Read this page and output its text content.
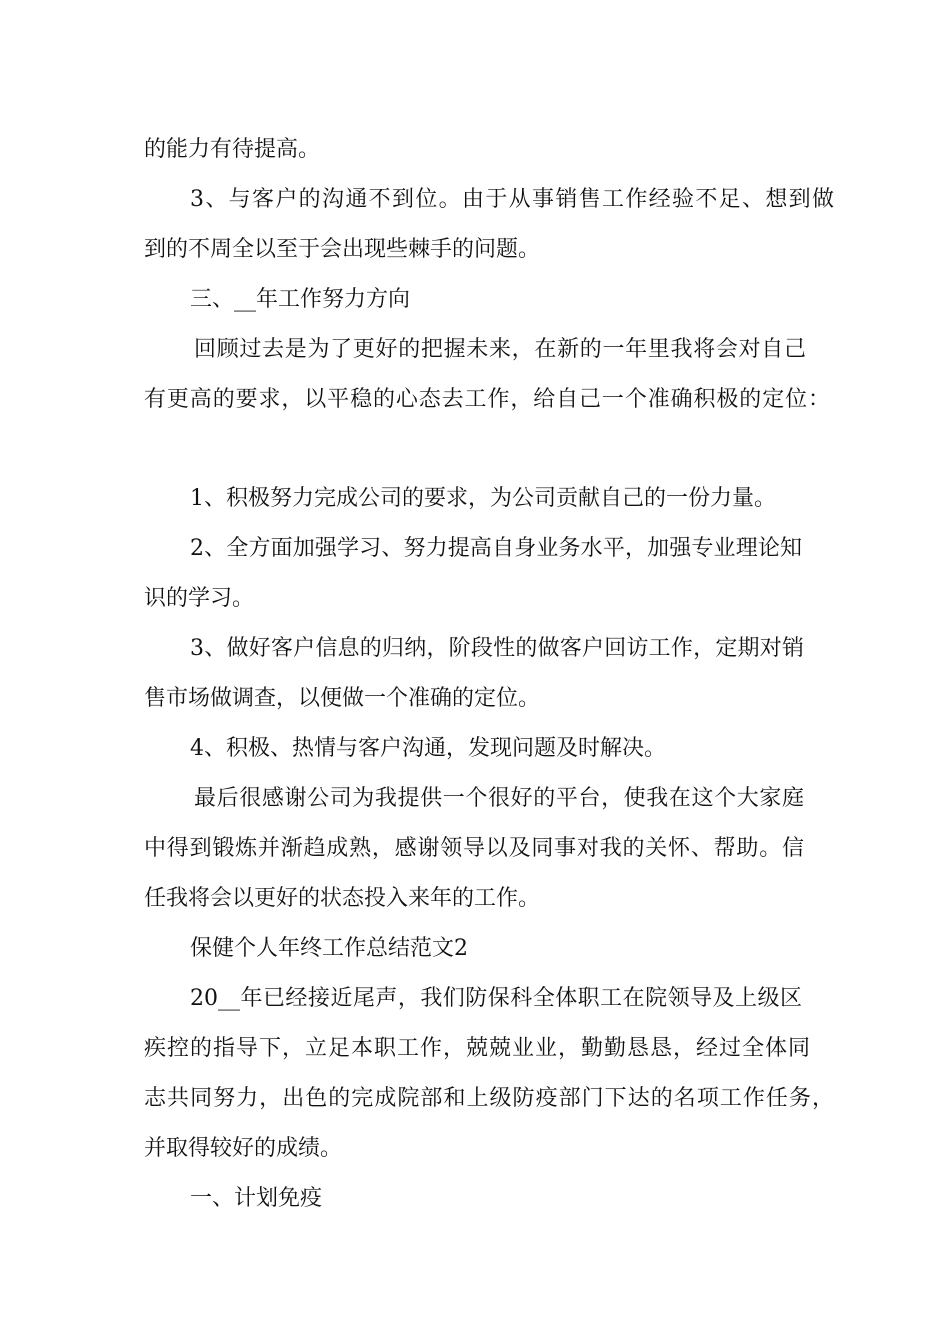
的能力有待提高。

3、与客户的沟通不到位。由于从事销售工作经验不足、想到做

到的不周全以至于会出现些棘手的问题。

三、__年工作努力方向

回顾过去是为了更好的把握未来，在新的一年里我将会对自己

有更高的要求，以平稳的心态去工作，给自己一个准确积极的定位：

1、积极努力完成公司的要求，为公司贡献自己的一份力量。

2、全方面加强学习、努力提高自身业务水平，加强专业理论知

识的学习。

3、做好客户信息的归纳，阶段性的做客户回访工作，定期对销

售市场做调查，以便做一个准确的定位。

4、积极、热情与客户沟通，发现问题及时解决。

最后很感谢公司为我提供一个很好的平台，使我在这个大家庭

中得到锻炼并渐趋成熟，感谢领导以及同事对我的关怀、帮助。信

任我将会以更好的状态投入来年的工作。

保健个人年终工作总结范文2

20__年已经接近尾声，我们防保科全体职工在院领导及上级区

疾控的指导下，立足本职工作，兢兢业业，勤勤恳恳，经过全体同

志共同努力，出色的完成院部和上级防疫部门下达的名项工作任务，

并取得较好的成绩。

一、计划免疫
